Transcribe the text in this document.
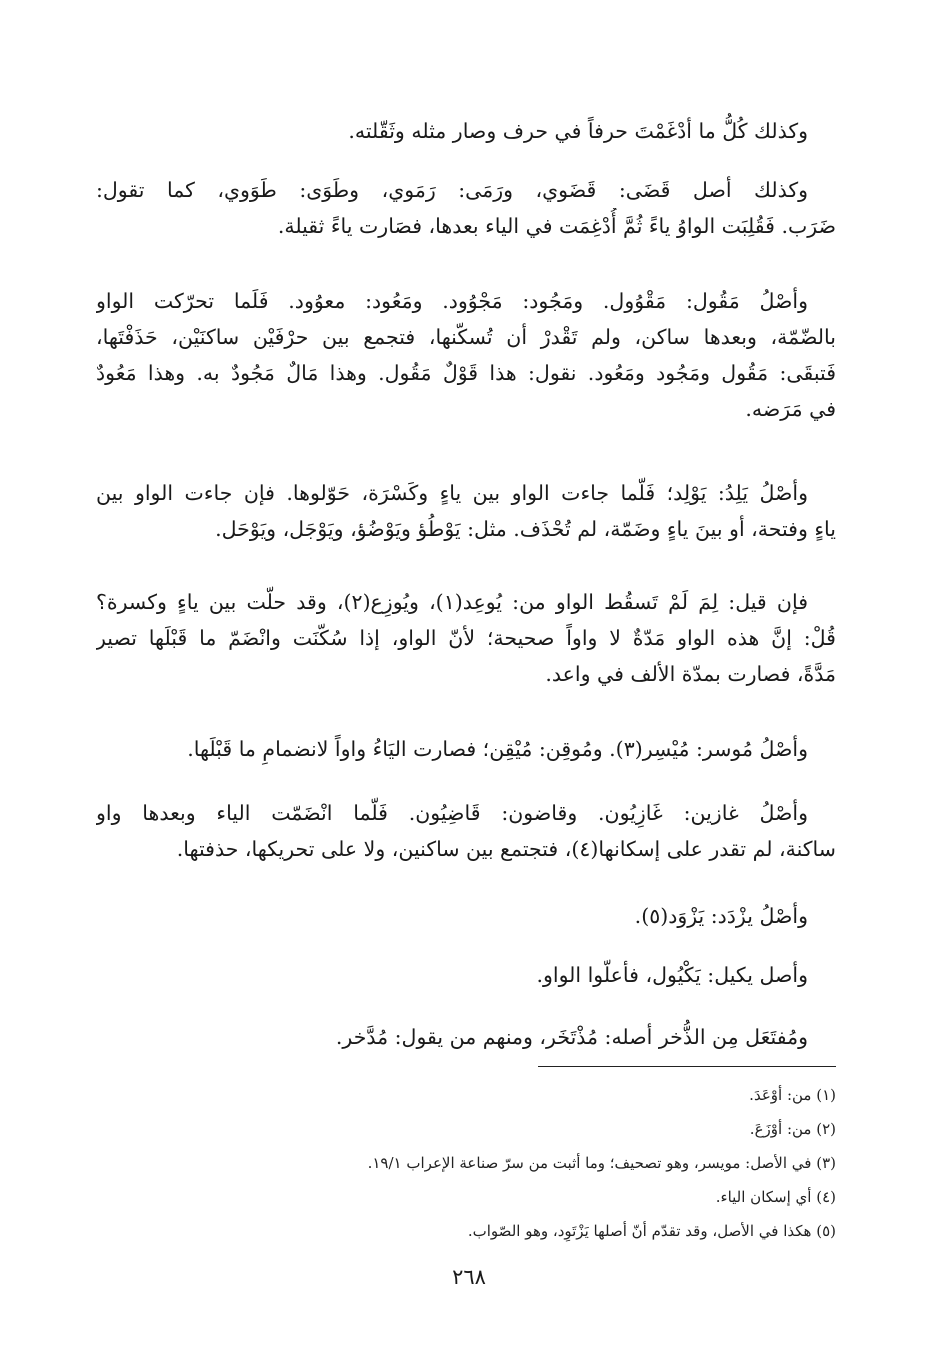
وكذلك كُلُّ ما أدْغَمْتَ حرفاً في حرف وصار مثله وثَقّلته.
وكذلك أصل قَضَى: قَضَوي، ورَمَى: رَمَوي، وطَوَى: طَوَوي، كما تقول:
ضَرَب. فَقُلِبَت الواوُ ياءً ثُمَّ أُدْغِمَت في الياء بعدها، فصَارت ياءً ثقيلة.
وأصْلُ مَقُول: مَقْوُول. ومَجُود: مَجْوُود. ومَعُود: معوُود. فَلَما تحرّكت الواو
بالضّمّة، وبعدها ساكن، ولم تَقْدرْ أن تُسكّنها، فتجمع بين حرْفَيْن ساكنَيْن، حَذَفْتَها،
فَتبقَى: مَقُول ومَجُود ومَعُود. نقول: هذا قَوْلٌ مَقُول. وهذا مَالٌ مَجُودٌ به. وهذا مَعُودٌ
في مَرَضه.
وأصْلُ يَلِدُ: يَوْلِد؛ فَلّما جاءت الواو بين ياءٍ وكَسْرَة، حَوّلوها. فإن جاءت الواو بين
ياءٍ وفتحة، أو بينَ ياءٍ وضَمّة، لم تُحْذَف. مثل: يَوْطُؤ ويَوْضُؤ، ويَوْجَل، ويَوْحَل.
فإن قيل: لِمَ لَمْ تَسقُط الواو من: يُوعِد(١)، ويُوزِع(٢)، وقد حلّت بين ياءٍ وكسرة؟
قُلْ: إنَّ هذه الواو مَدّةٌ لا واواً صحيحة؛ لأنّ الواو، إذا سُكّنَت وانْضَمّ ما قَبْلَها تصير
مَدَّةً، فصارت بمدّة الألف في واعد.
وأصْلُ مُوسر: مُيْسِر(٣). ومُوقِن: مُيْقِن؛ فصارت اليَاءُ واواً لانضمامِ ما قَبْلَها.
وأصْلُ غازين: غَازِيُون. وقاضون: قَاضِيُون. فَلّما انْضَمّت الياء وبعدها واو
ساكنة، لم تقدر على إسكانها(٤)، فتجتمع بين ساكنين، ولا على تحريكها، حذفتها.
وأصْلُ يزْدَد: يَزْوَد(٥).
وأصل يكيل: يَكْيُول، فأعلّوا الواو.
ومُفتَعَل مِن الذُّخر أصله: مُذْتَخَر، ومنهم من يقول: مُدَّخر.
(١) من: أوْعَدَ.
(٢) من: أوْزَعَ.
(٣) في الأصل: مويسر، وهو تصحيف؛ وما أثبت من سرّ صناعة الإعراب ١٩/١.
(٤) أي إسكان الياء.
(٥) هكذا في الأصل، وقد تقدّم أنّ أصلها يَزْتَوِد، وهو الصّواب.
٢٦٨
